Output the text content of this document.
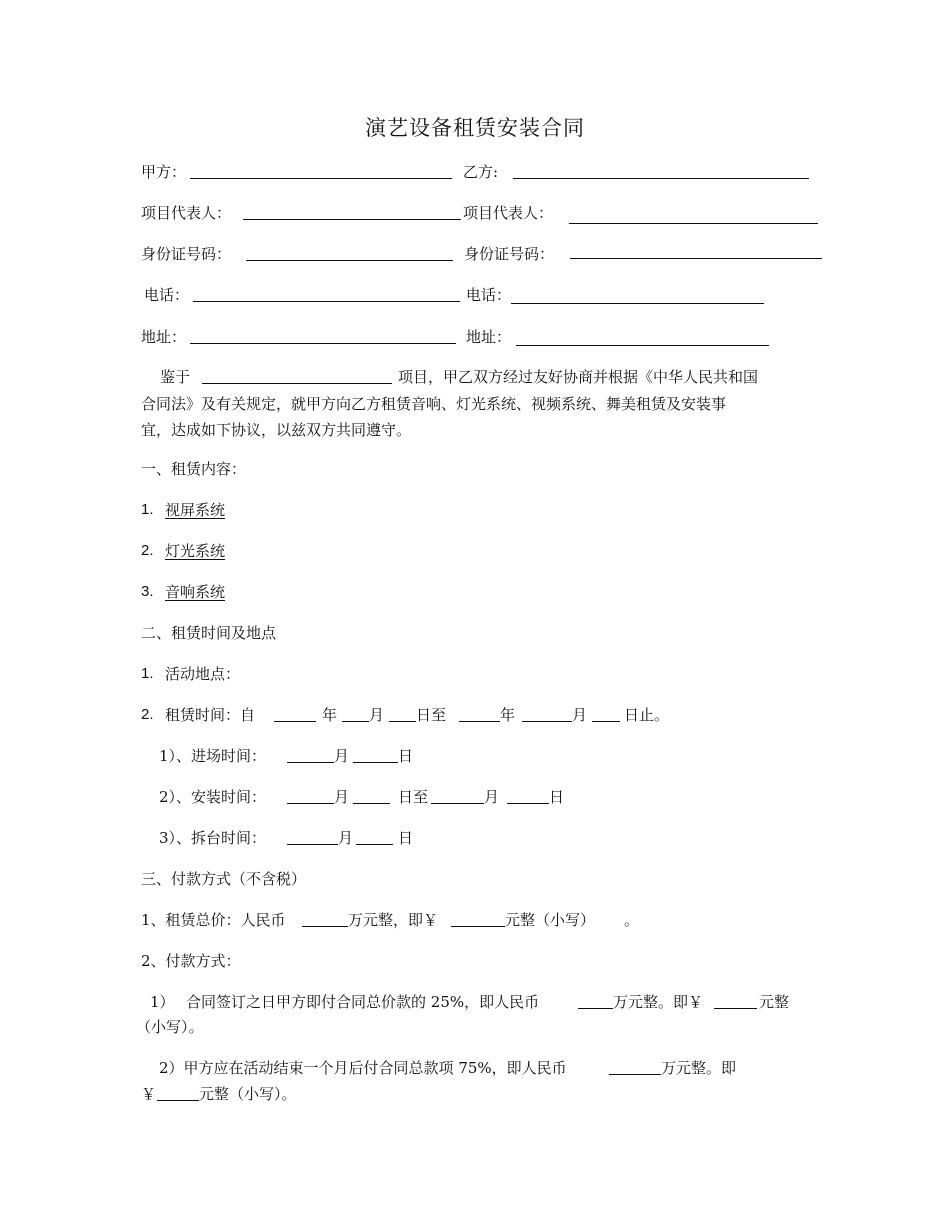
演艺设备租赁安装合同
甲方：	乙方:
项目代表人：	项目代表人：
身份证号码：	身份证号码：
电话：	电话：
地址：	地址：
鉴于	项目，甲乙双方经过友好协商并根据《中华人民共和国
合同法》及有关规定，就甲方向乙方租赁音响、灯光系统、视频系统、舞美租赁及安装事
宜，达成如下协议，以兹双方共同遵守。
一、租赁内容：
1. 视屏系统
2. 灯光系统
3. 音响系统
二、租赁时间及地点
1. 活动地点：
2. 租赁时间：自	年 月 日至	年	月 日止。
1）、进场时间：	月	日
2）、安装时间：	月	日至	月	日
3）、拆台时间：	月	日
三、付款方式（不含税）
1、租赁总价：人民币	万元整，即￥	元整（小写） 。
2、付款方式：
1） 合同签订之日甲方即付合同总价款的 25%，即人民币	万元整。即￥	元整
（小写）。
2）甲方应在活动结束一个月后付合同总款项 75%，即人民币	万元整。即
￥	元整（小写）。
